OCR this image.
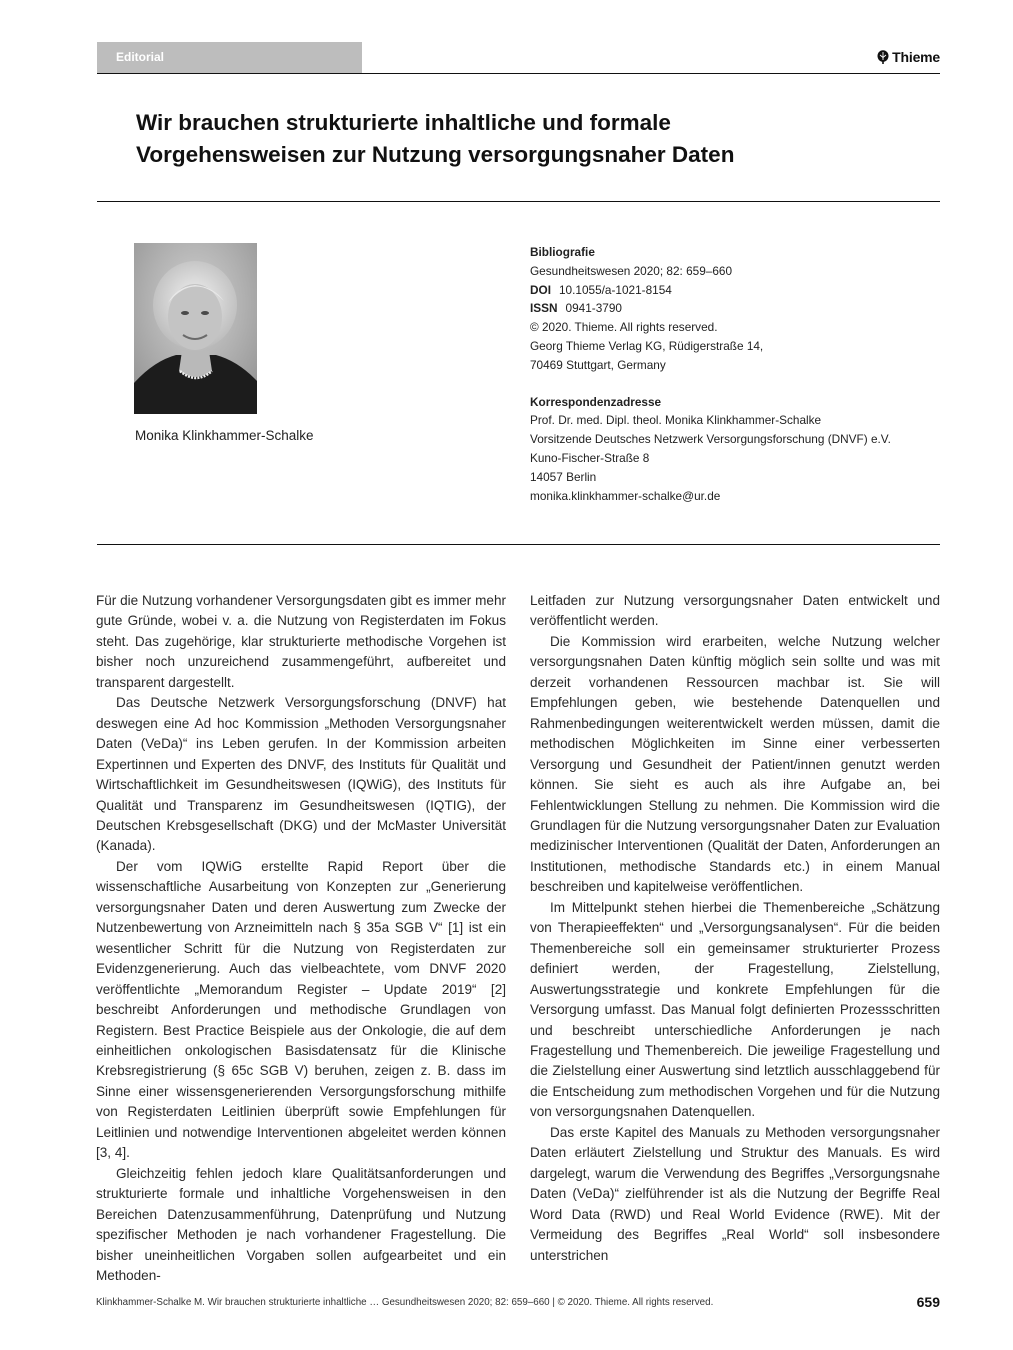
Editorial	Thieme
Wir brauchen strukturierte inhaltliche und formale
Vorgehensweisen zur Nutzung versorgungsnaher Daten
Monika Klinkhammer-Schalke
Bibliografie
Gesundheitswesen 2020; 82: 659–660
DOI 10.1055/a-1021-8154
ISSN 0941-3790
© 2020. Thieme. All rights reserved.
Georg Thieme Verlag KG, Rüdigerstraße 14,
70469 Stuttgart, Germany
Korrespondenzadresse
Prof. Dr. med. Dipl. theol. Monika Klinkhammer-Schalke
Vorsitzende Deutsches Netzwerk Versorgungsforschung (DNVF) e.V.
Kuno-Fischer-Straße 8
14057 Berlin
monika.klinkhammer-schalke@ur.de

Für die Nutzung vorhandener Versorgungsdaten gibt es immer mehr gute Gründe, wobei v. a. die Nutzung von Registerdaten im Fokus steht. Das zugehörige, klar strukturierte methodische Vorgehen ist bisher noch unzureichend zusammengeführt, aufbereitet und transparent dargestellt.

Das Deutsche Netzwerk Versorgungsforschung (DNVF) hat deswegen eine Ad hoc Kommission „Methoden Versorgungsnaher Daten (VeDa)“ ins Leben gerufen. In der Kommission arbeiten Expertinnen und Experten des DNVF, des Instituts für Qualität und Wirtschaftlichkeit im Gesundheitswesen (IQWiG), des Instituts für Qualität und Transparenz im Gesundheitswesen (IQTIG), der Deutschen Krebsgesellschaft (DKG) und der McMaster Universität (Kanada).

Der vom IQWiG erstellte Rapid Report über die wissenschaftliche Ausarbeitung von Konzepten zur „Generierung versorgungsnaher Daten und deren Auswertung zum Zwecke der Nutzenbewertung von Arzneimitteln nach § 35a SGB V“ [1] ist ein wesentlicher Schritt für die Nutzung von Registerdaten zur Evidenzgenerierung. Auch das vielbeachtete, vom DNVF 2020 veröffentlichte „Memorandum Register – Update 2019“ [2] beschreibt Anforderungen und methodische Grundlagen von Registern. Best Practice Beispiele aus der Onkologie, die auf dem einheitlichen onkologischen Basisdatensatz für die Klinische Krebsregistrierung (§ 65c SGB V) beruhen, zeigen z. B. dass im Sinne einer wissensgenerierenden Versorgungsforschung mithilfe von Registerdaten Leitlinien überprüft sowie Empfehlungen für Leitlinien und notwendige Interventionen abgeleitet werden können [3, 4].

Gleichzeitig fehlen jedoch klare Qualitätsanforderungen und strukturierte formale und inhaltliche Vorgehensweisen in den Bereichen Datenzusammenführung, Datenprüfung und Nutzung spezifischer Methoden je nach vorhandener Fragestellung. Die bisher uneinheitlichen Vorgaben sollen aufgearbeitet und ein Methoden-

Leitfaden zur Nutzung versorgungsnaher Daten entwickelt und veröffentlicht werden.

Die Kommission wird erarbeiten, welche Nutzung welcher versorgungsnahen Daten künftig möglich sein sollte und was mit derzeit vorhandenen Ressourcen machbar ist. Sie will Empfehlungen geben, wie bestehende Datenquellen und Rahmenbedingungen weiterentwickelt werden müssen, damit die methodischen Möglichkeiten im Sinne einer verbesserten Versorgung und Gesundheit der Patient/innen genutzt werden können. Sie sieht es auch als ihre Aufgabe an, bei Fehlentwicklungen Stellung zu nehmen. Die Kommission wird die Grundlagen für die Nutzung versorgungsnaher Daten zur Evaluation medizinischer Interventionen (Qualität der Daten, Anforderungen an Institutionen, methodische Standards etc.) in einem Manual beschreiben und kapitelweise veröffentlichen.

Im Mittelpunkt stehen hierbei die Themenbereiche „Schätzung von Therapieeffekten“ und „Versorgungsanalysen“. Für die beiden Themenbereiche soll ein gemeinsamer strukturierter Prozess definiert werden, der Fragestellung, Zielstellung, Auswertungsstrategie und konkrete Empfehlungen für die Versorgung umfasst. Das Manual folgt definierten Prozessschritten und beschreibt unterschiedliche Anforderungen je nach Fragestellung und Themenbereich. Die jeweilige Fragestellung und die Zielstellung einer Auswertung sind letztlich ausschlaggebend für die Entscheidung zum methodischen Vorgehen und für die Nutzung von versorgungsnahen Datenquellen.

Das erste Kapitel des Manuals zu Methoden versorgungsnaher Daten erläutert Zielstellung und Struktur des Manuals. Es wird dargelegt, warum die Verwendung des Begriffes „Versorgungsnahe Daten (VeDa)“ zielführender ist als die Nutzung der Begriffe Real Word Data (RWD) und Real World Evidence (RWE). Mit der Vermeidung des Begriffes „Real World“ soll insbesondere unterstrichen

Klinkhammer-Schalke M. Wir brauchen strukturierte inhaltliche … Gesundheitswesen 2020; 82: 659–660 | © 2020. Thieme. All rights reserved.	659
